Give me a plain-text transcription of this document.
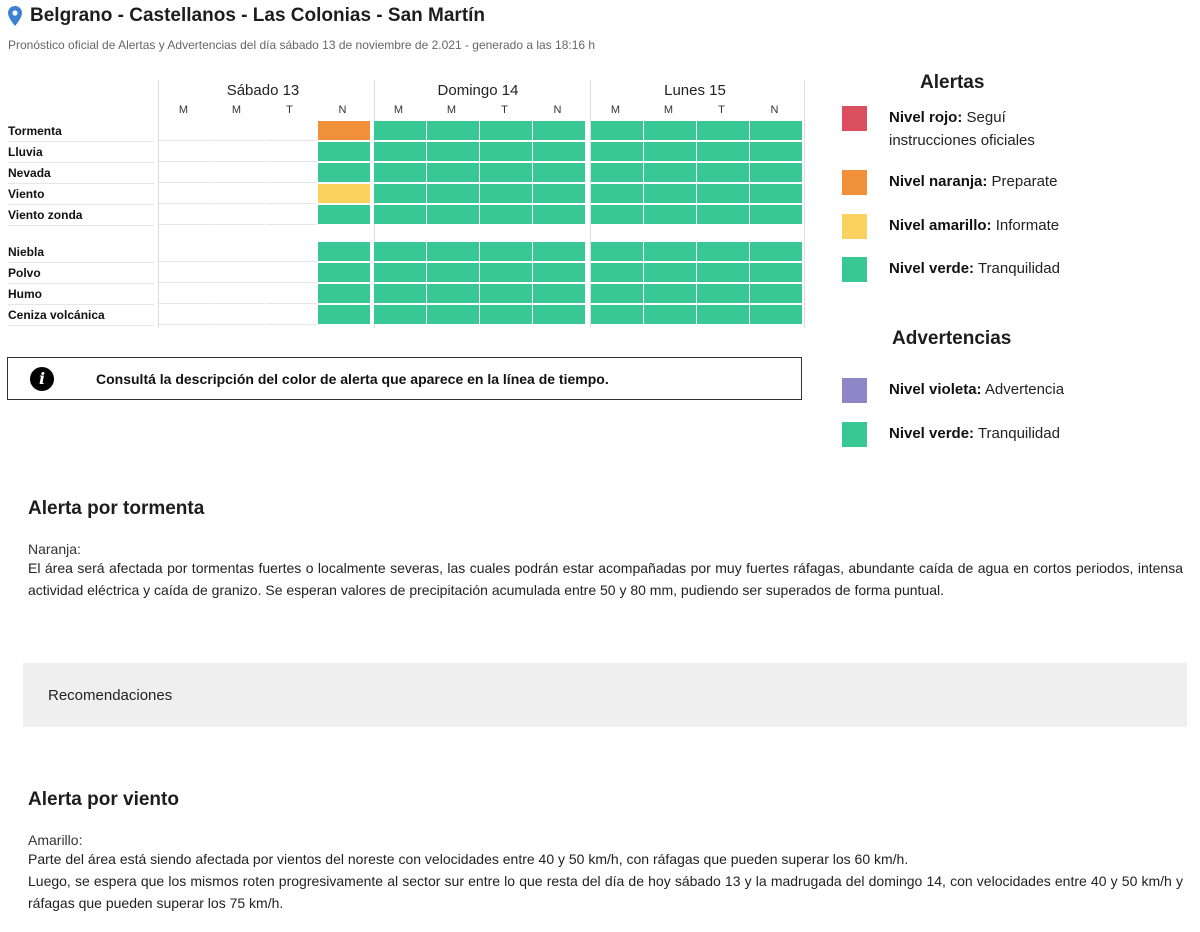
Belgrano - Castellanos - Las Colonias - San Martín
Pronóstico oficial de Alertas y Advertencias del día sábado 13 de noviembre de 2.021 - generado a las 18:16 h
Sábado 13
M	M	T	N
Domingo 14
M	M	T	N
Lunes 15
M	M	T	N
Tormenta
Lluvia
Nevada
Viento
Viento zonda
Niebla
Polvo
Humo
Ceniza volcánica
i	Consultá la descripción del color de alerta que aparece en la línea de tiempo.
Alertas
Advertencias
Nivel rojo: Seguí instrucciones oficiales
Nivel naranja: Preparate
Nivel amarillo: Informate
Nivel verde: Tranquilidad
Nivel violeta: Advertencia
Nivel verde: Tranquilidad
Alerta por tormenta
Naranja:

El área será afectada por tormentas fuertes o localmente severas, las cuales podrán estar acompañadas por muy fuertes ráfagas, abundante caída de agua en cortos periodos, intensa actividad eléctrica y caída de granizo. Se esperan valores de precipitación acumulada entre 50 y 80 mm, pudiendo ser superados de forma puntual.

Recomendaciones
Alerta por viento
Amarillo:

Parte del área está siendo afectada por vientos del noreste con velocidades entre 40 y 50 km/h, con ráfagas que pueden superar los 60 km/h.

Luego, se espera que los mismos roten progresivamente al sector sur entre lo que resta del día de hoy sábado 13 y la madrugada del domingo 14, con velocidades entre 40 y 50 km/h y ráfagas que pueden superar los 75 km/h.
